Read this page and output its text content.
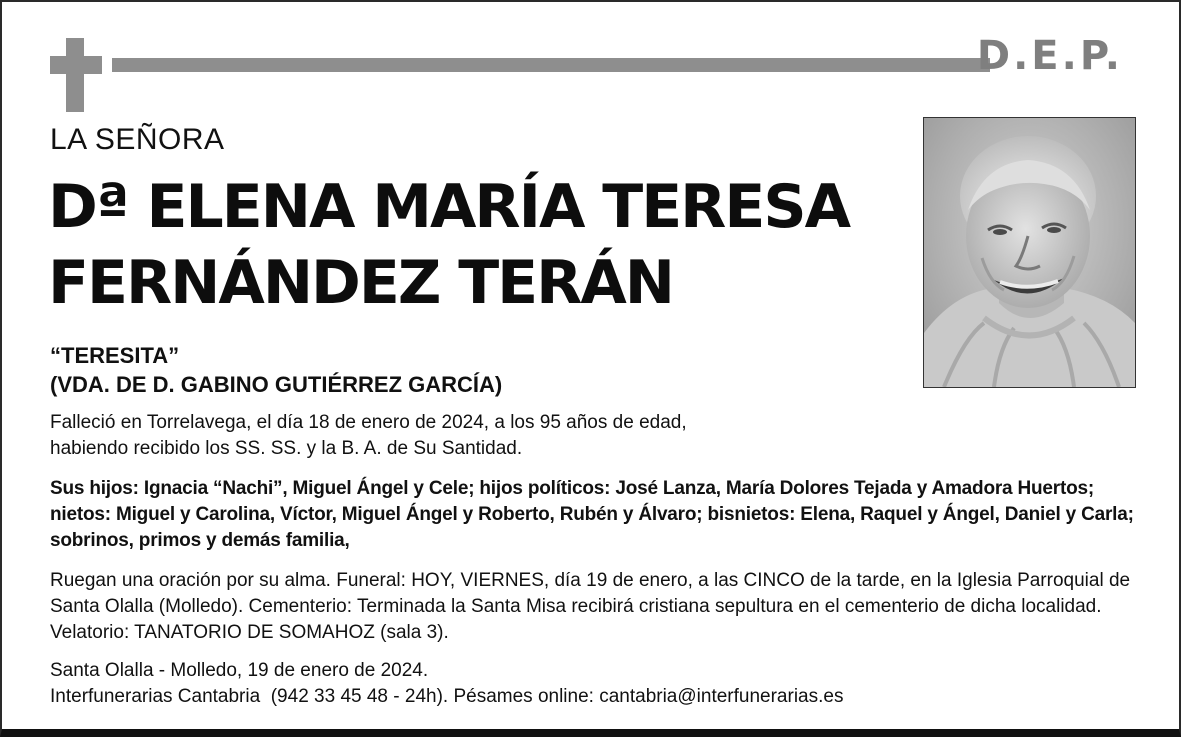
D.E.P.
LA SEÑORA
Dª ELENA MARÍA TERESA
FERNÁNDEZ TERÁN
“TERESITA”
(VDA. DE D. GABINO GUTIÉRREZ GARCÍA)
Falleció en Torrelavega, el día 18 de enero de 2024, a los 95 años de edad,
habiendo recibido los SS. SS. y la B. A. de Su Santidad.
Sus hijos: Ignacia “Nachi”, Miguel Ángel y Cele; hijos políticos: José Lanza, María Dolores Tejada y Amadora Huertos; nietos: Miguel y Carolina, Víctor, Miguel Ángel y Roberto, Rubén y Álvaro; bisnietos: Elena, Raquel y Ángel, Daniel y Carla; sobrinos, primos y demás familia,
Ruegan una oración por su alma. Funeral: HOY, VIERNES, día 19 de enero, a las CINCO de la tarde, en la Iglesia Parroquial de Santa Olalla (Molledo). Cementerio: Terminada la Santa Misa recibirá cristiana sepultura en el cementerio de dicha localidad. Velatorio: TANATORIO DE SOMAHOZ (sala 3).
Santa Olalla - Molledo, 19 de enero de 2024.
Interfunerarias Cantabria  (942 33 45 48 - 24h). Pésames online: cantabria@interfunerarias.es
